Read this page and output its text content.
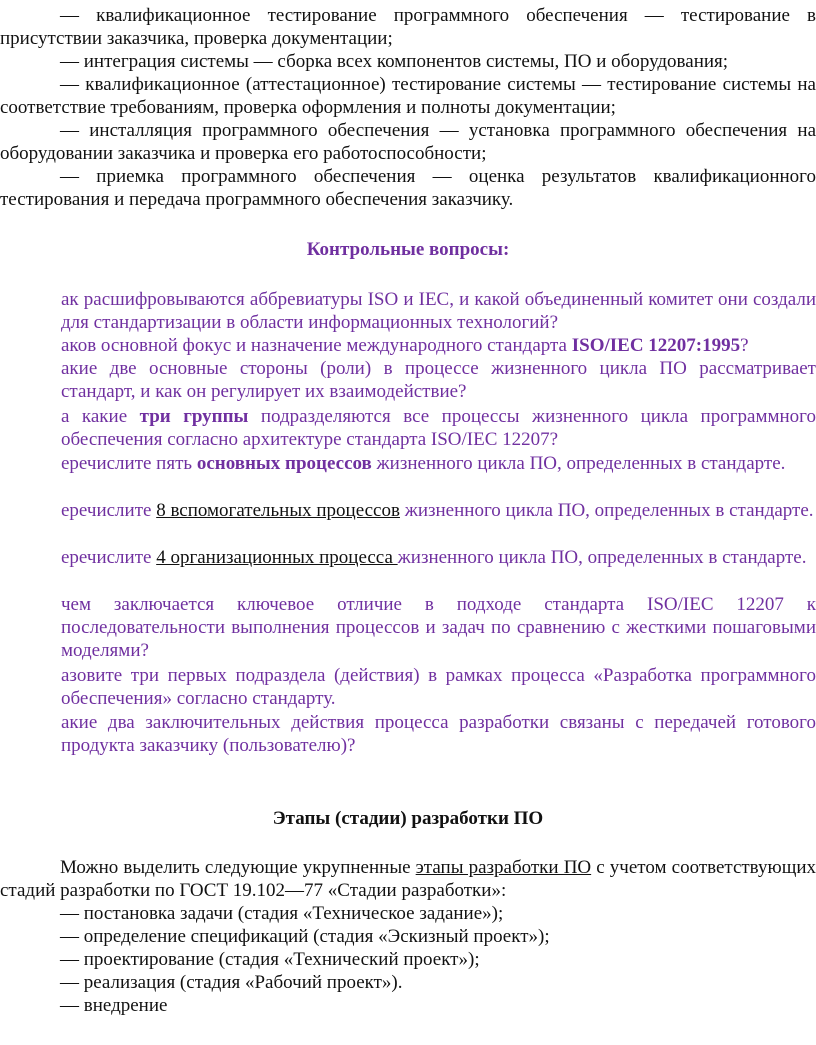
— квалификационное тестирование программного обеспечения — тестирование в присутствии заказчика, проверка документации;

— интеграция системы — сборка всех компонентов системы, ПО и оборудования;

— квалификационное (аттестационное) тестирование системы — тестирование системы на соответствие требованиям, проверка оформления и полноты документации;

— инсталляция программного обеспечения — установка программного обеспечения на оборудовании заказчика и проверка его работоспособности;

— приемка программного обеспечения — оценка результатов квалификационного тестирования и передача программного обеспечения заказчику.

Контрольные вопросы:

ак расшифровываются аббревиатуры ISO и IEC, и какой объединенный комитет они создали для стандартизации в области информационных технологий?

аков основной фокус и назначение международного стандарта ISO/IEC 12207:1995?

акие две основные стороны (роли) в процессе жизненного цикла ПО рассматривает стандарт, и как он регулирует их взаимодействие?

а какие три группы подразделяются все процессы жизненного цикла программного обеспечения согласно архитектуре стандарта ISO/IEC 12207?

еречислите пять основных процессов жизненного цикла ПО, определенных в стандарте.

еречислите 8 вспомогательных процессов жизненного цикла ПО, определенных в стандарте.

еречислите 4 организационных процесса жизненного цикла ПО, определенных в стандарте.

чем заключается ключевое отличие в подходе стандарта ISO/IEC 12207 к последовательности выполнения процессов и задач по сравнению с жесткими пошаговыми моделями?

азовите три первых подраздела (действия) в рамках процесса «Разработка программного обеспечения» согласно стандарту.

акие два заключительных действия процесса разработки связаны с передачей готового продукта заказчику (пользователю)?

Этапы (стадии) разработки ПО

Можно выделить следующие укрупненные этапы разработки ПО с учетом соответствующих стадий разработки по ГОСТ 19.102—77 «Стадии разработки»:

— постановка задачи (стадия «Техническое задание»);

— определение спецификаций (стадия «Эскизный проект»);

— проектирование (стадия «Технический проект»);

— реализация (стадия «Рабочий проект»).

— внедрение
